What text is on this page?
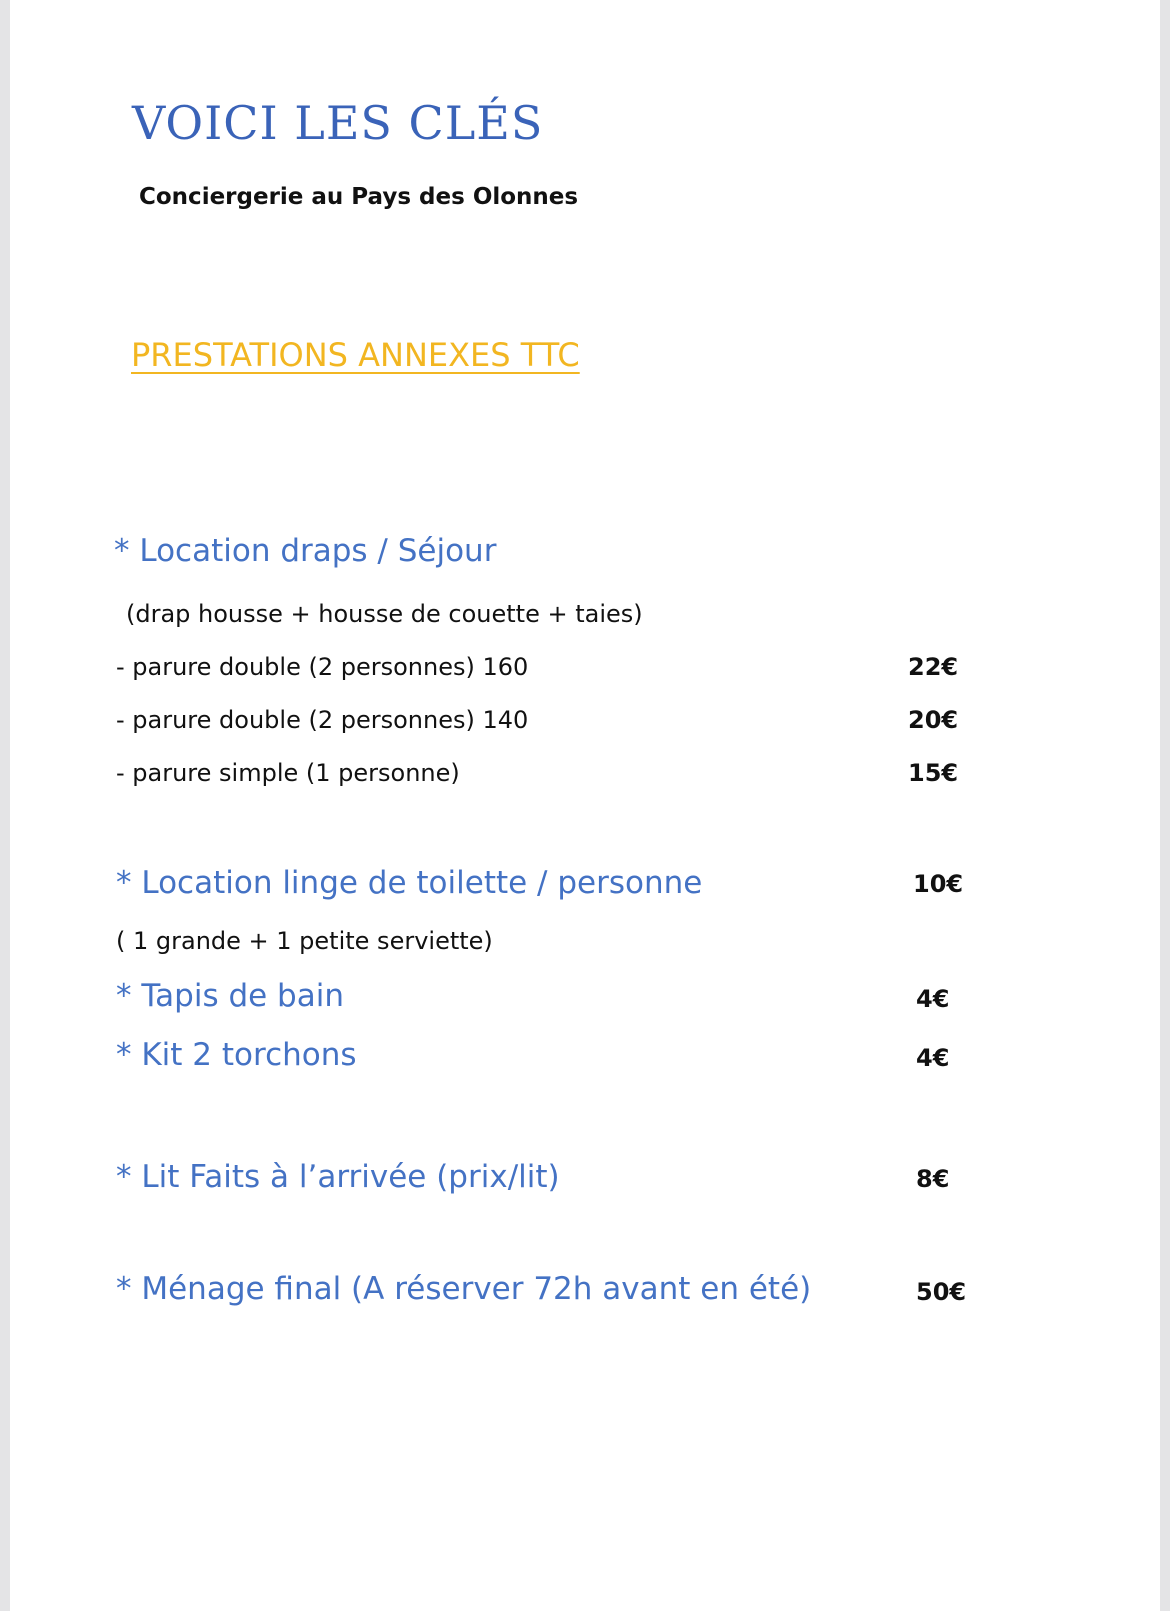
VOICI LES CLÉS
Conciergerie au Pays des Olonnes
PRESTATIONS ANNEXES TTC
* Location draps / Séjour
(drap housse + housse de couette + taies)
- parure double (2 personnes) 160	22€
- parure double (2 personnes) 140	20€
- parure simple (1 personne)	15€
* Location linge de toilette / personne	10€
( 1 grande + 1 petite serviette)
* Tapis de bain	4€
* Kit 2 torchons	4€
* Lit Faits à l’arrivée (prix/lit)	8€
* Ménage final (A réserver 72h avant en été)	50€
